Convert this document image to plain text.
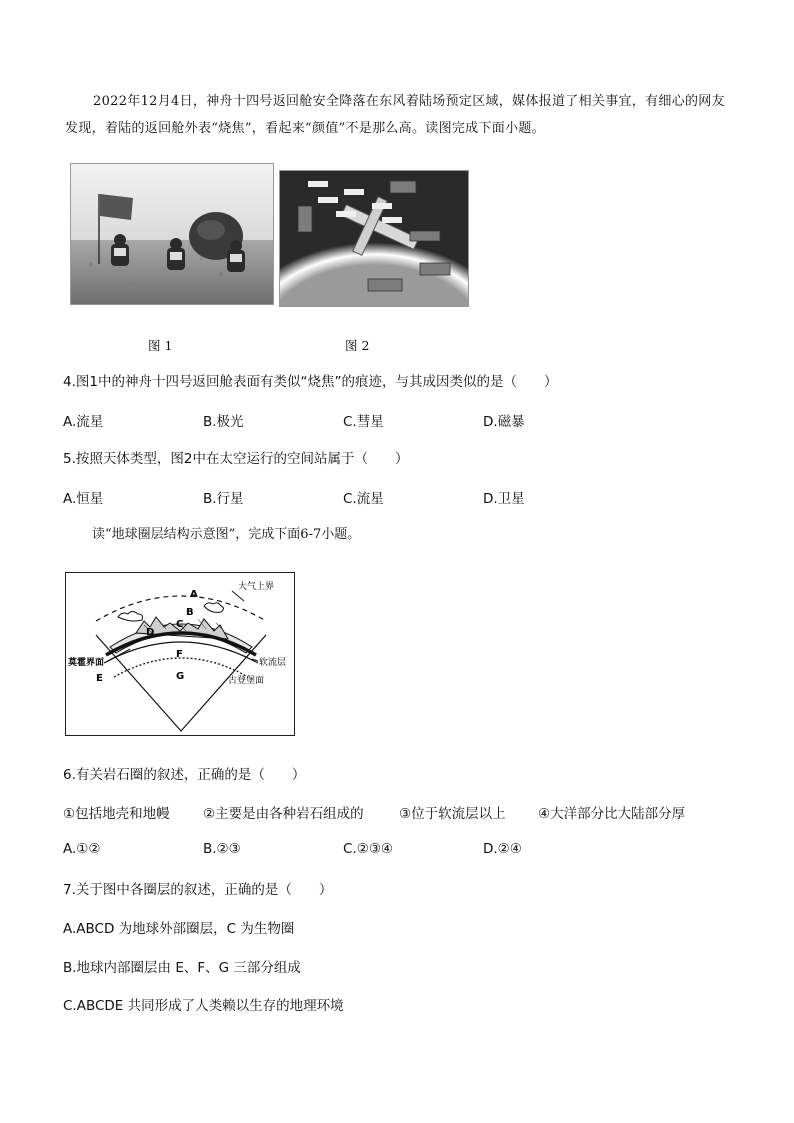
2022年12月4日，神舟十四号返回舱安全降落在东风着陆场预定区域，媒体报道了相关事宜，有细心的网友发现，着陆的返回舱外表“烧焦”，看起来“颜值”不是那么高。读图完成下面小题。
图 1	图 2
4.图1中的神舟十四号返回舱表面有类似“烧焦”的痕迹，与其成因类似的是（　　）
A.流星	B.极光	C.彗星	D.磁暴
5.按照天体类型，图2中在太空运行的空间站属于（　　）
A.恒星	B.行星	C.流星	D.卫星
读“地球圈层结构示意图”，完成下面6-7小题。
A
B
C
D
E
F
G
大气上界
莫霍界面	软流层
古登堡面
6.有关岩石圈的叙述，正确的是（　　）
①包括地壳和地幔 ②主要是由各种岩石组成的	③位于软流层以上 ④大洋部分比大陆部分厚
A.①②	B.②③	C.②③④	D.②④
7.关于图中各圈层的叙述，正确的是（　　）
A.ABCD 为地球外部圈层，C 为生物圈
B.地球内部圈层由 E、F、G 三部分组成
C.ABCDE 共同形成了人类赖以生存的地理环境
